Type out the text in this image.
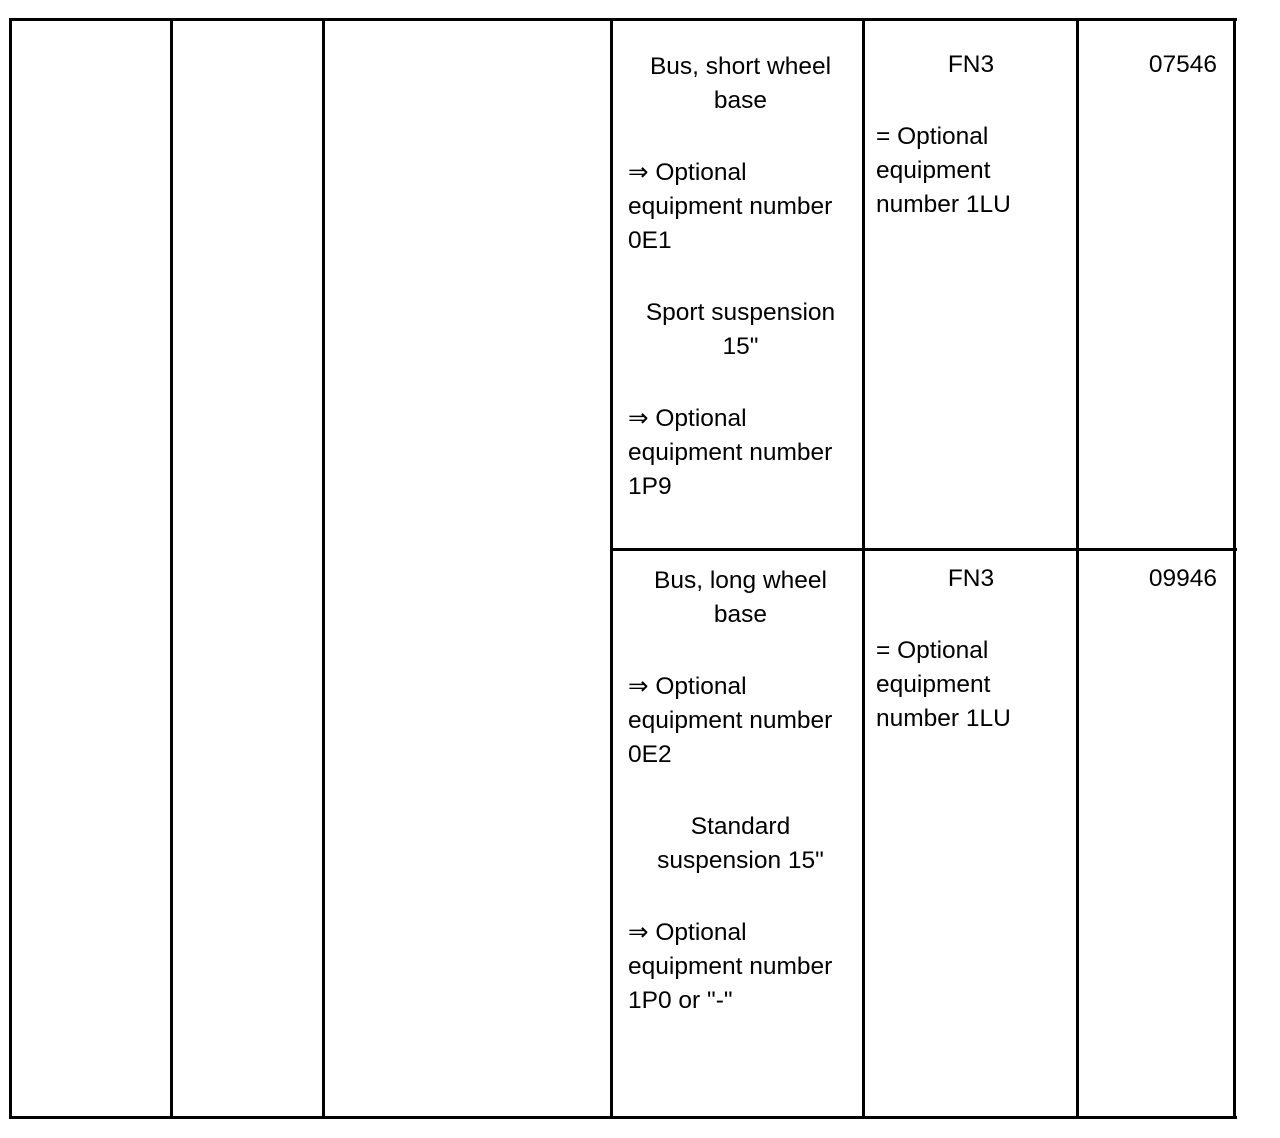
Bus, short wheel
base

⇒ Optional equipment number 0E1

Sport suspension
15"

⇒ Optional equipment number 1P9

FN3

= Optional equipment number 1LU

07546

Bus, long wheel
base

⇒ Optional equipment number 0E2

Standard
suspension 15"

⇒ Optional equipment number 1P0 or "-"

FN3

= Optional equipment number 1LU

09946
